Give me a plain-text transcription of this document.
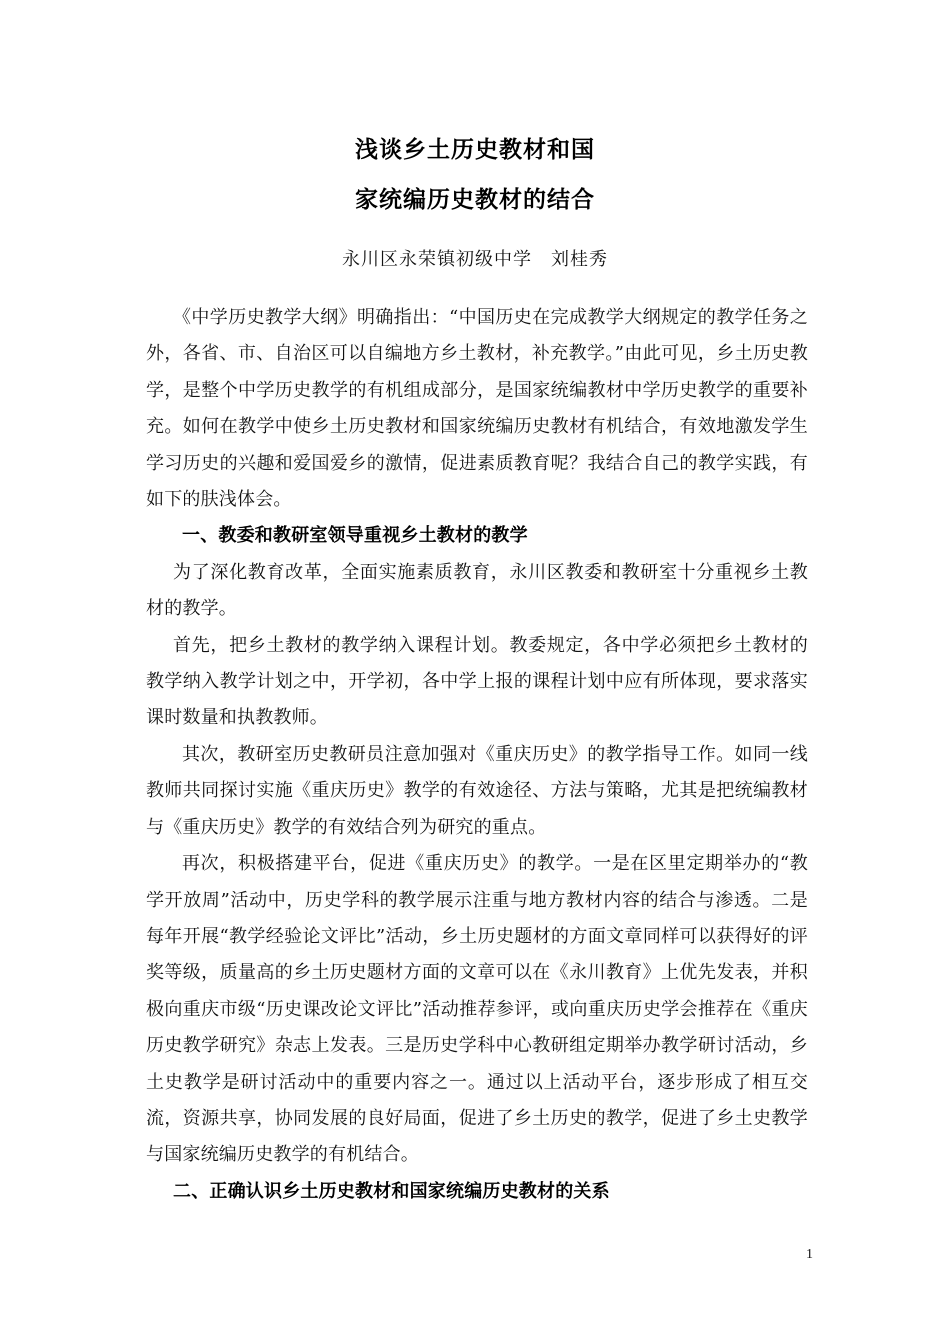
浅谈乡土历史教材和国
家统编历史教材的结合
永川区永荣镇初级中学　刘桂秀

《中学历史教学大纲》明确指出：“中国历史在完成教学大纲规定的教学任务之外，各省、市、自治区可以自编地方乡土教材，补充教学。”由此可见，乡土历史教学，是整个中学历史教学的有机组成部分，是国家统编教材中学历史教学的重要补充。如何在教学中使乡土历史教材和国家统编历史教材有机结合，有效地激发学生学习历史的兴趣和爱国爱乡的激情，促进素质教育呢？我结合自己的教学实践，有如下的肤浅体会。

一、教委和教研室领导重视乡土教材的教学

为了深化教育改革，全面实施素质教育，永川区教委和教研室十分重视乡土教材的教学。

首先，把乡土教材的教学纳入课程计划。教委规定，各中学必须把乡土教材的教学纳入教学计划之中，开学初，各中学上报的课程计划中应有所体现，要求落实课时数量和执教教师。

其次，教研室历史教研员注意加强对《重庆历史》的教学指导工作。如同一线教师共同探讨实施《重庆历史》教学的有效途径、方法与策略，尤其是把统编教材与《重庆历史》教学的有效结合列为研究的重点。

再次，积极搭建平台，促进《重庆历史》的教学。一是在区里定期举办的“教学开放周”活动中，历史学科的教学展示注重与地方教材内容的结合与渗透。二是每年开展“教学经验论文评比”活动，乡土历史题材的方面文章同样可以获得好的评奖等级，质量高的乡土历史题材方面的文章可以在《永川教育》上优先发表，并积极向重庆市级“历史课改论文评比”活动推荐参评，或向重庆历史学会推荐在《重庆历史教学研究》杂志上发表。三是历史学科中心教研组定期举办教学研讨活动，乡土史教学是研讨活动中的重要内容之一。通过以上活动平台，逐步形成了相互交流，资源共享，协同发展的良好局面，促进了乡土历史的教学，促进了乡土史教学与国家统编历史教学的有机结合。

二、正确认识乡土历史教材和国家统编历史教材的关系

1
